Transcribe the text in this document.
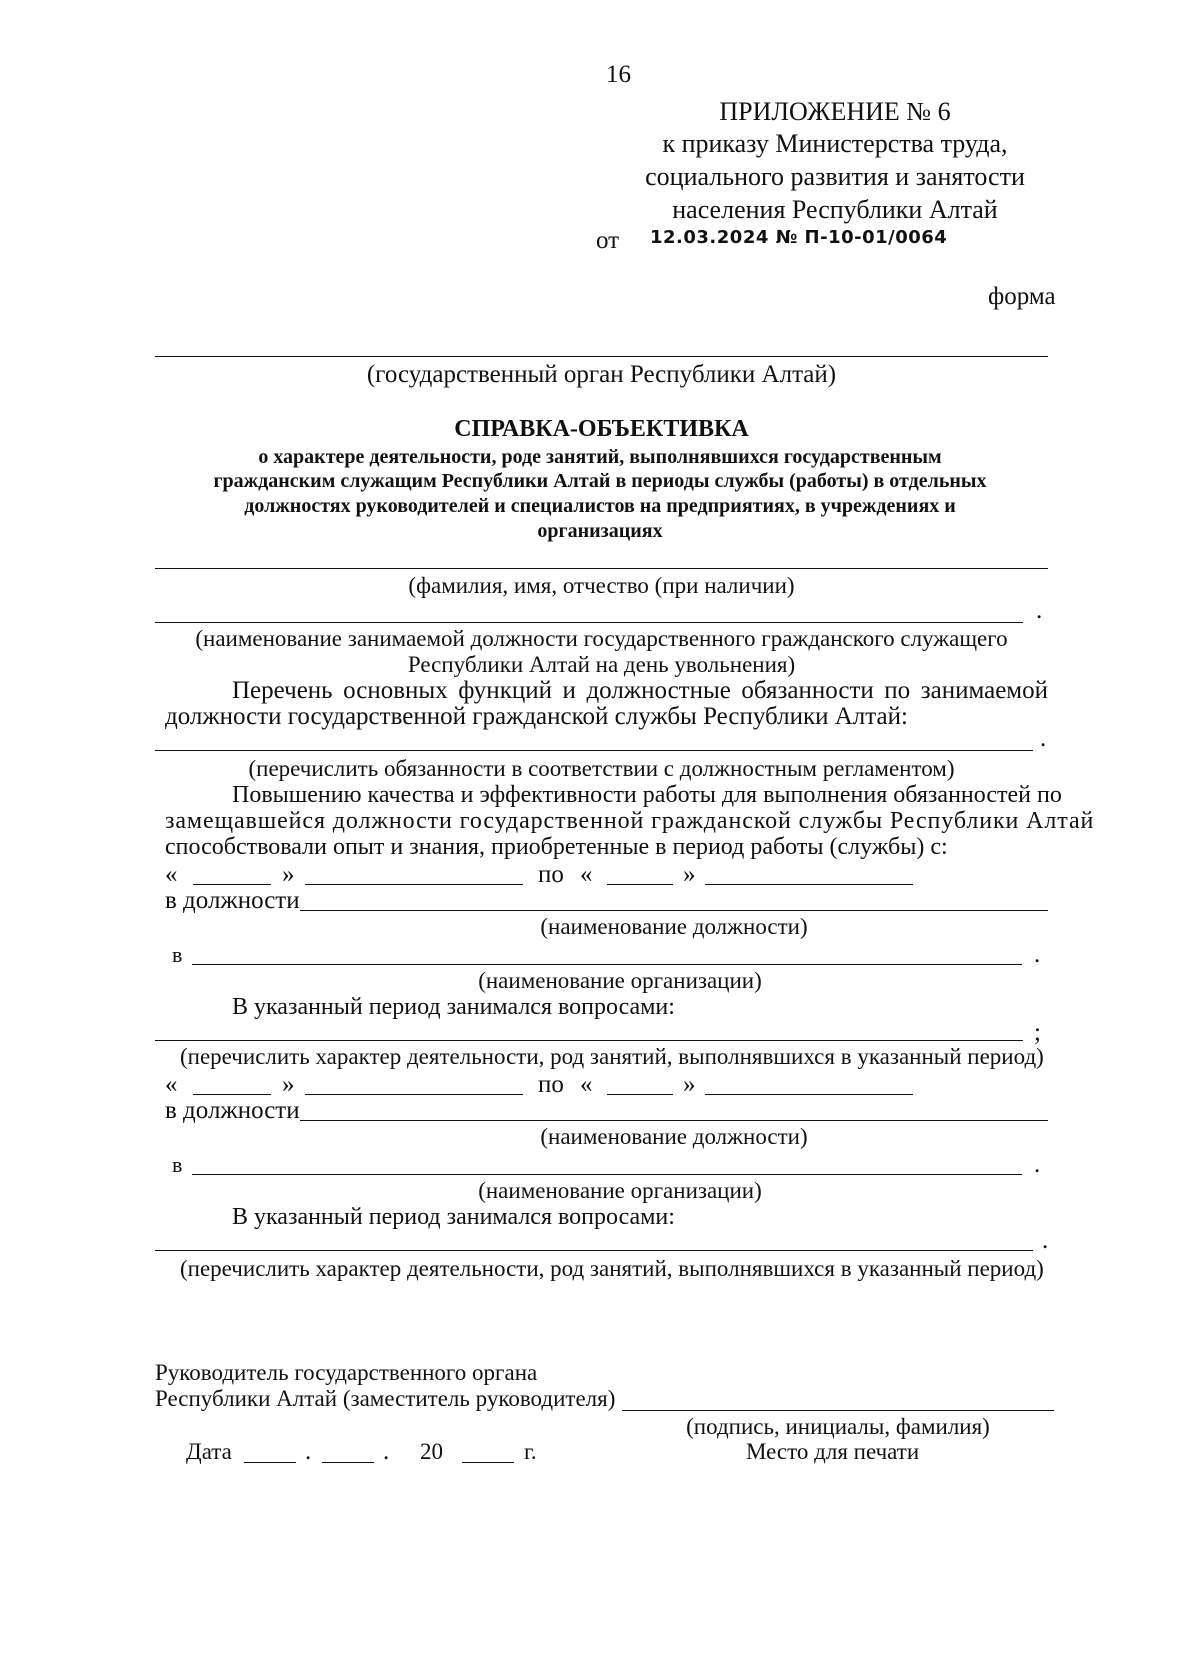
16
ПРИЛОЖЕНИЕ № 6
к приказу Министерства труда,
социального развития и занятости
населения Республики Алтай
от 12.03.2024 № П-10-01/0064
форма
(государственный орган Республики Алтай)
СПРАВКА-ОБЪЕКТИВКА
о характере деятельности, роде занятий, выполнявшихся государственным
гражданским служащим Республики Алтай в периоды службы (работы) в отдельных
должностях руководителей и специалистов на предприятиях, в учреждениях и
организациях
(фамилия, имя, отчество (при наличии)
.
(наименование занимаемой должности государственного гражданского служащего
Республики Алтай на день увольнения)
Перечень основных функций и должностные обязанности по занимаемой
должности государственной гражданской службы Республики Алтай:
.
(перечислить обязанности в соответствии с должностным регламентом)
Повышению качества и эффективности работы для выполнения обязанностей по
замещавшейся должности государственной гражданской службы Республики Алтай
способствовали опыт и знания, приобретенные в период работы (службы) с:
«	»	по «	»
в должности
(наименование должности)
в	.
(наименование организации)
В указанный период занимался вопросами:
;
(перечислить характер деятельности, род занятий, выполнявшихся в указанный период)
«	»	по «	»
в должности
(наименование должности)
в	.
(наименование организации)
В указанный период занимался вопросами:
.
(перечислить характер деятельности, род занятий, выполнявшихся в указанный период)
Руководитель государственного органа
Республики Алтай (заместитель руководителя)
(подпись, инициалы, фамилия)
Дата	.	. 20	г.	Место для печати
